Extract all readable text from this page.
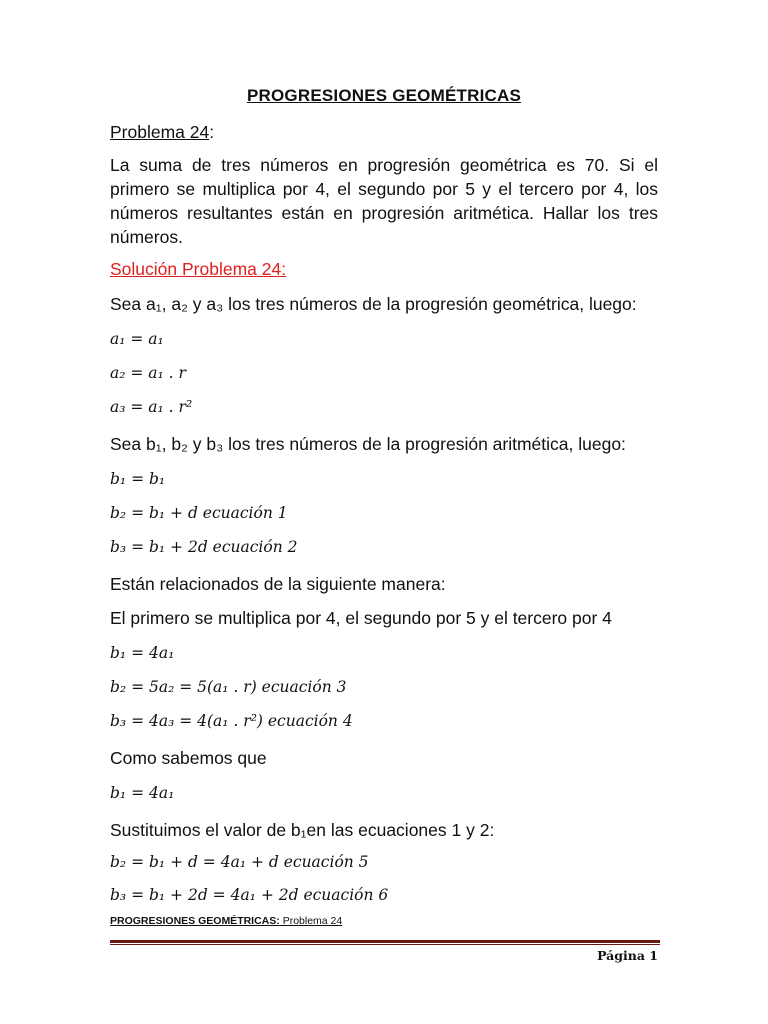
PROGRESIONES GEOMÉTRICAS
Problema 24:
La suma de tres números en progresión geométrica es 70. Si el primero se multiplica por 4, el segundo por 5 y el tercero por 4, los números resultantes están en progresión aritmética. Hallar los tres números.
Solución Problema 24:
Sea a₁, a₂ y a₃ los tres números de la progresión geométrica, luego:
a₁ = a₁
a₂ = a₁ . r
a₃ = a₁ . r²
Sea b₁, b₂ y b₃ los tres números de la progresión aritmética, luego:
b₁ = b₁
b₂ = b₁ + d ecuación 1
b₃ = b₁ + 2d ecuación 2
Están relacionados de la siguiente manera:
El primero se multiplica por 4, el segundo por 5 y el tercero por 4
b₁ = 4a₁
b₂ = 5a₂ = 5(a₁ . r) ecuación 3
b₃ = 4a₃ = 4(a₁ . r²) ecuación 4
Como sabemos que
b₁ = 4a₁
Sustituimos el valor de b₁en las ecuaciones 1 y 2:
b₂ = b₁ + d = 4a₁ + d ecuación 5
b₃ = b₁ + 2d = 4a₁ + 2d ecuación 6
PROGRESIONES GEOMÉTRICAS: Problema 24
Página 1
